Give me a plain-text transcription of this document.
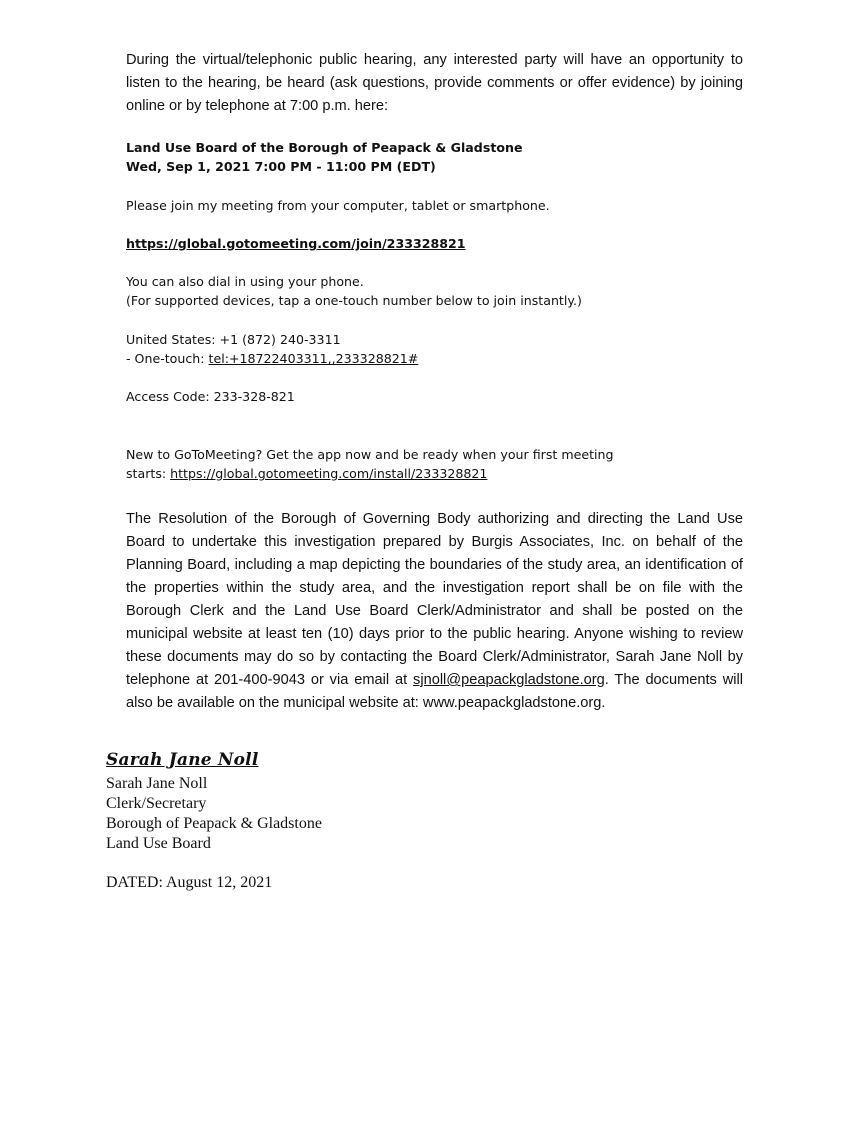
During the virtual/telephonic public hearing, any interested party will have an opportunity to listen to the hearing, be heard (ask questions, provide comments or offer evidence) by joining online or by telephone at 7:00 p.m. here:

Land Use Board of the Borough of Peapack & Gladstone
Wed, Sep 1, 2021 7:00 PM - 11:00 PM (EDT)
Please join my meeting from your computer, tablet or smartphone.
https://global.gotomeeting.com/join/233328821
You can also dial in using your phone.
(For supported devices, tap a one-touch number below to join instantly.)
United States: +1 (872) 240-3311
- One-touch: tel:+18722403311,,233328821#
Access Code: 233-328-821
New to GoToMeeting? Get the app now and be ready when your first meeting
starts: https://global.gotomeeting.com/install/233328821

The Resolution of the Borough of Governing Body authorizing and directing the Land Use Board to undertake this investigation prepared by Burgis Associates, Inc. on behalf of the Planning Board, including a map depicting the boundaries of the study area, an identification of the properties within the study area, and the investigation report shall be on file with the Borough Clerk and the Land Use Board Clerk/Administrator and shall be posted on the municipal website at least ten (10) days prior to the public hearing. Anyone wishing to review these documents may do so by contacting the Board Clerk/Administrator, Sarah Jane Noll by telephone at 201-400-9043 or via email at sjnoll@peapackgladstone.org. The documents will also be available on the municipal website at: www.peapackgladstone.org.

Sarah Jane Noll
Sarah Jane Noll
Clerk/Secretary
Borough of Peapack & Gladstone
Land Use Board
DATED: August 12, 2021
